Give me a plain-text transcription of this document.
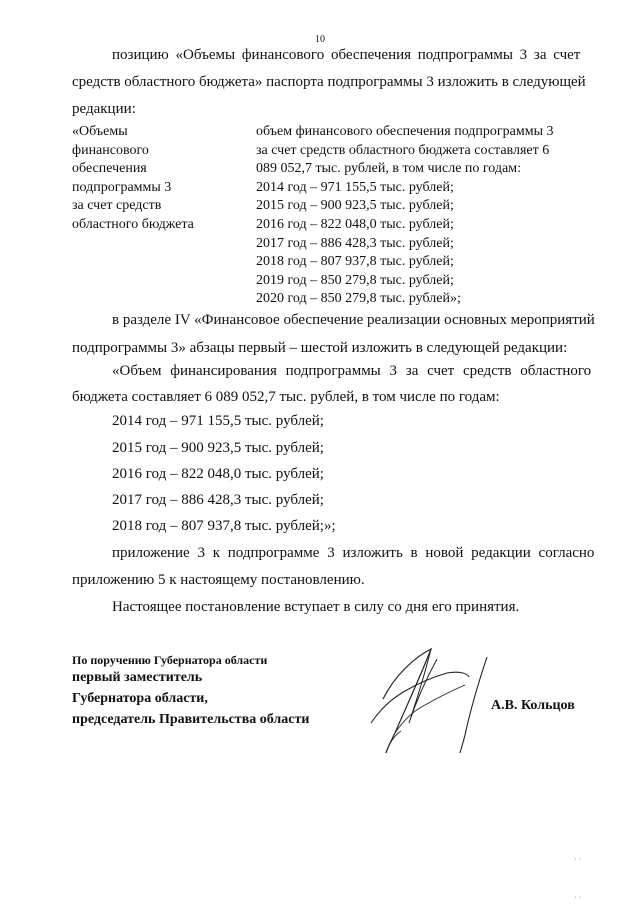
10
позицию «Объемы финансового обеспечения подпрограммы 3 за счет
средств областного бюджета» паспорта подпрограммы 3 изложить в следующей
редакции:
«Объемы
финансового
обеспечения
подпрограммы 3
за счет средств
областного бюджета
объем финансового обеспечения подпрограммы 3
за счет средств областного бюджета составляет 6
089 052,7 тыс. рублей, в том числе по годам:
2014 год – 971 155,5 тыс. рублей;
2015 год – 900 923,5 тыс. рублей;
2016 год – 822 048,0 тыс. рублей;
2017 год – 886 428,3 тыс. рублей;
2018 год – 807 937,8 тыс. рублей;
2019 год – 850 279,8 тыс. рублей;
2020 год – 850 279,8 тыс. рублей»;
в разделе IV «Финансовое обеспечение реализации основных мероприятий
подпрограммы 3» абзацы первый – шестой изложить в следующей редакции:
«Объем финансирования подпрограммы 3 за счет средств областного
бюджета составляет 6 089 052,7 тыс. рублей, в том числе по годам:
2014 год – 971 155,5 тыс. рублей;
2015 год – 900 923,5 тыс. рублей;
2016 год – 822 048,0 тыс. рублей;
2017 год – 886 428,3 тыс. рублей;
2018 год – 807 937,8 тыс. рублей;»;
приложение 3 к подпрограмме 3 изложить в новой редакции согласно
приложению 5 к настоящему постановлению.
Настоящее постановление вступает в силу со дня его принятия.
По поручению Губернатора области
первый заместитель
Губернатора области,
председатель Правительства области
А.В. Кольцов
· ·
· ·
